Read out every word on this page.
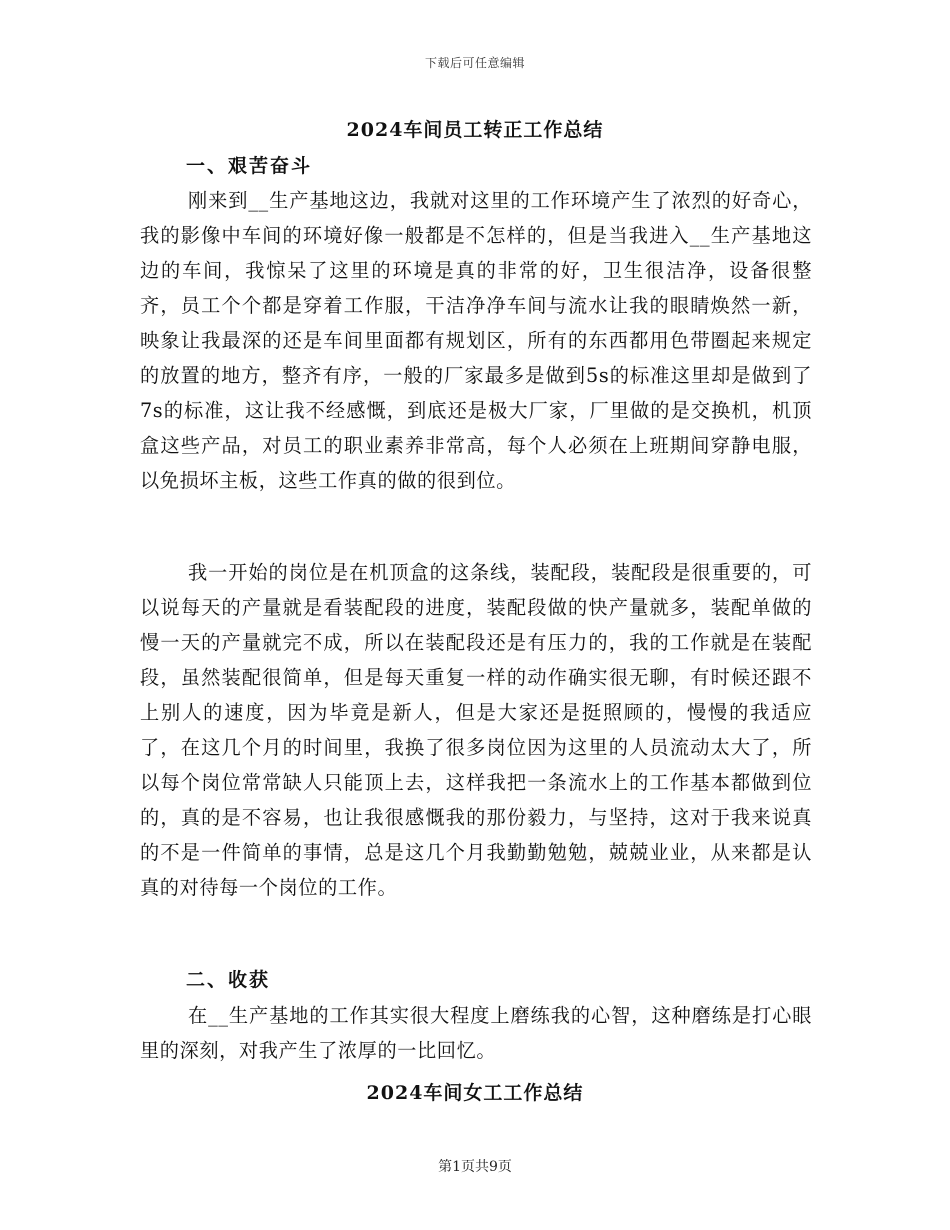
下载后可任意编辑
2024车间员工转正工作总结
一、艰苦奋斗

刚来到__生产基地这边，我就对这里的工作环境产生了浓烈的好奇心，我的影像中车间的环境好像一般都是不怎样的，但是当我进入__生产基地这边的车间，我惊呆了这里的环境是真的非常的好，卫生很洁净，设备很整齐，员工个个都是穿着工作服，干洁净净车间与流水让我的眼睛焕然一新，映象让我最深的还是车间里面都有规划区，所有的东西都用色带圈起来规定的放置的地方，整齐有序，一般的厂家最多是做到5s的标准这里却是做到了7s的标准，这让我不经感慨，到底还是极大厂家，厂里做的是交换机，机顶盒这些产品，对员工的职业素养非常高，每个人必须在上班期间穿静电服，以免损坏主板，这些工作真的做的很到位。

我一开始的岗位是在机顶盒的这条线，装配段，装配段是很重要的，可以说每天的产量就是看装配段的进度，装配段做的快产量就多，装配单做的慢一天的产量就完不成，所以在装配段还是有压力的，我的工作就是在装配段，虽然装配很简单，但是每天重复一样的动作确实很无聊，有时候还跟不上别人的速度，因为毕竟是新人，但是大家还是挺照顾的，慢慢的我适应了，在这几个月的时间里，我换了很多岗位因为这里的人员流动太大了，所以每个岗位常常缺人只能顶上去，这样我把一条流水上的工作基本都做到位的，真的是不容易，也让我很感慨我的那份毅力，与坚持，这对于我来说真的不是一件简单的事情，总是这几个月我勤勤勉勉，兢兢业业，从来都是认真的对待每一个岗位的工作。

二、收获

在__生产基地的工作其实很大程度上磨练我的心智，这种磨练是打心眼里的深刻，对我产生了浓厚的一比回忆。

2024车间女工工作总结
第1页共9页
